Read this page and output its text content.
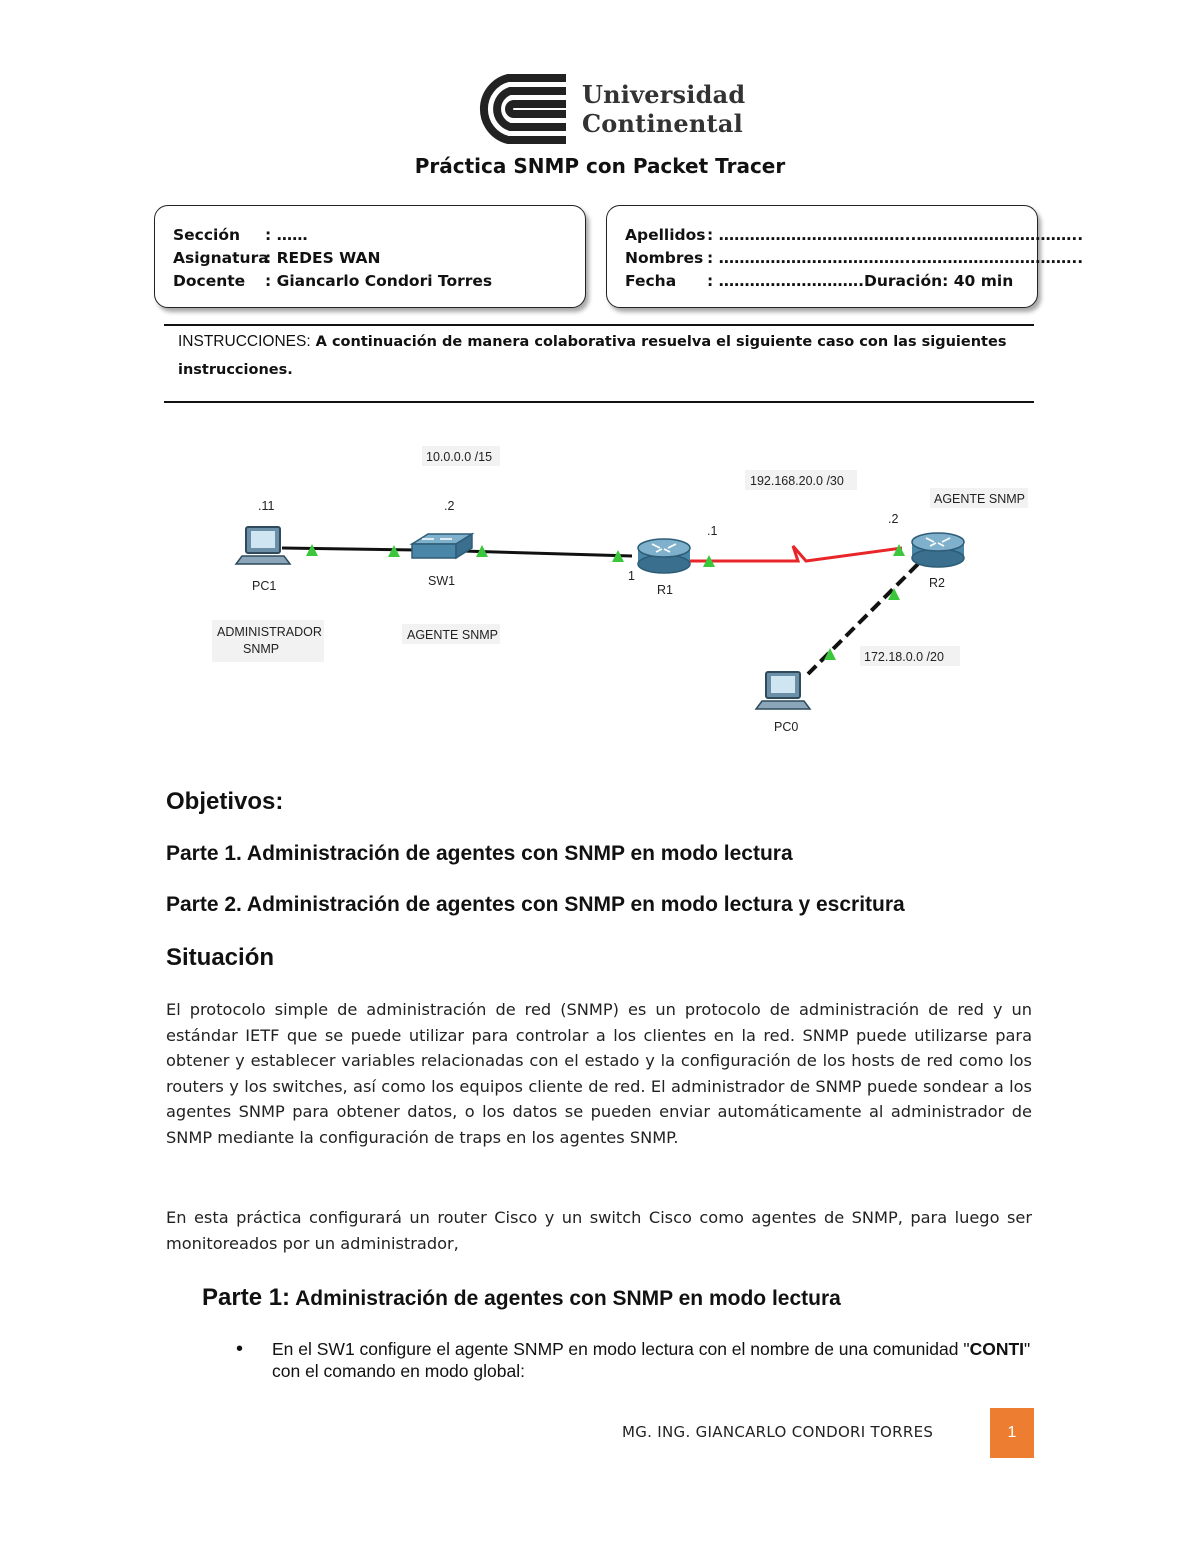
Universidad
Continental
Práctica SNMP con Packet Tracer
Sección : ……
Asignatura: REDES WAN
Docente : Giancarlo Condori Torres
Apellidos: ………………………………..…………………………..
Nombres : ………………………………..…………………………..
Fecha : ……………………….Duración: 40 min
INSTRUCCIONES: A continuación de manera colaborativa resuelva el siguiente caso con las siguientes instrucciones.
10.0.0.0 /15
192.168.20.0 /30
172.18.0.0 /20
.11	.2
.1
1
.2
PC1	SW1
R1	R2
PC0
ADMINISTRADOR
SNMP
AGENTE SNMP
AGENTE SNMP
Objetivos:
Parte 1. Administración de agentes con SNMP en modo lectura
Parte 2. Administración de agentes con SNMP en modo lectura y escritura
Situación
El protocolo simple de administración de red (SNMP) es un protocolo de administración de red y un estándar IETF que se puede utilizar para controlar a los clientes en la red. SNMP puede utilizarse para obtener y establecer variables relacionadas con el estado y la configuración de los hosts de red como los routers y los switches, así como los equipos cliente de red. El administrador de SNMP puede sondear a los agentes SNMP para obtener datos, o los datos se pueden enviar automáticamente al administrador de SNMP mediante la configuración de traps en los agentes SNMP.
En esta práctica configurará un router Cisco y un switch Cisco como agentes de SNMP, para luego ser monitoreados por un administrador,
Parte 1: Administración de agentes con SNMP en modo lectura
• En el SW1 configure el agente SNMP en modo lectura con el nombre de una comunidad "CONTI" con el comando en modo global:
MG. ING. GIANCARLO CONDORI TORRES	1
